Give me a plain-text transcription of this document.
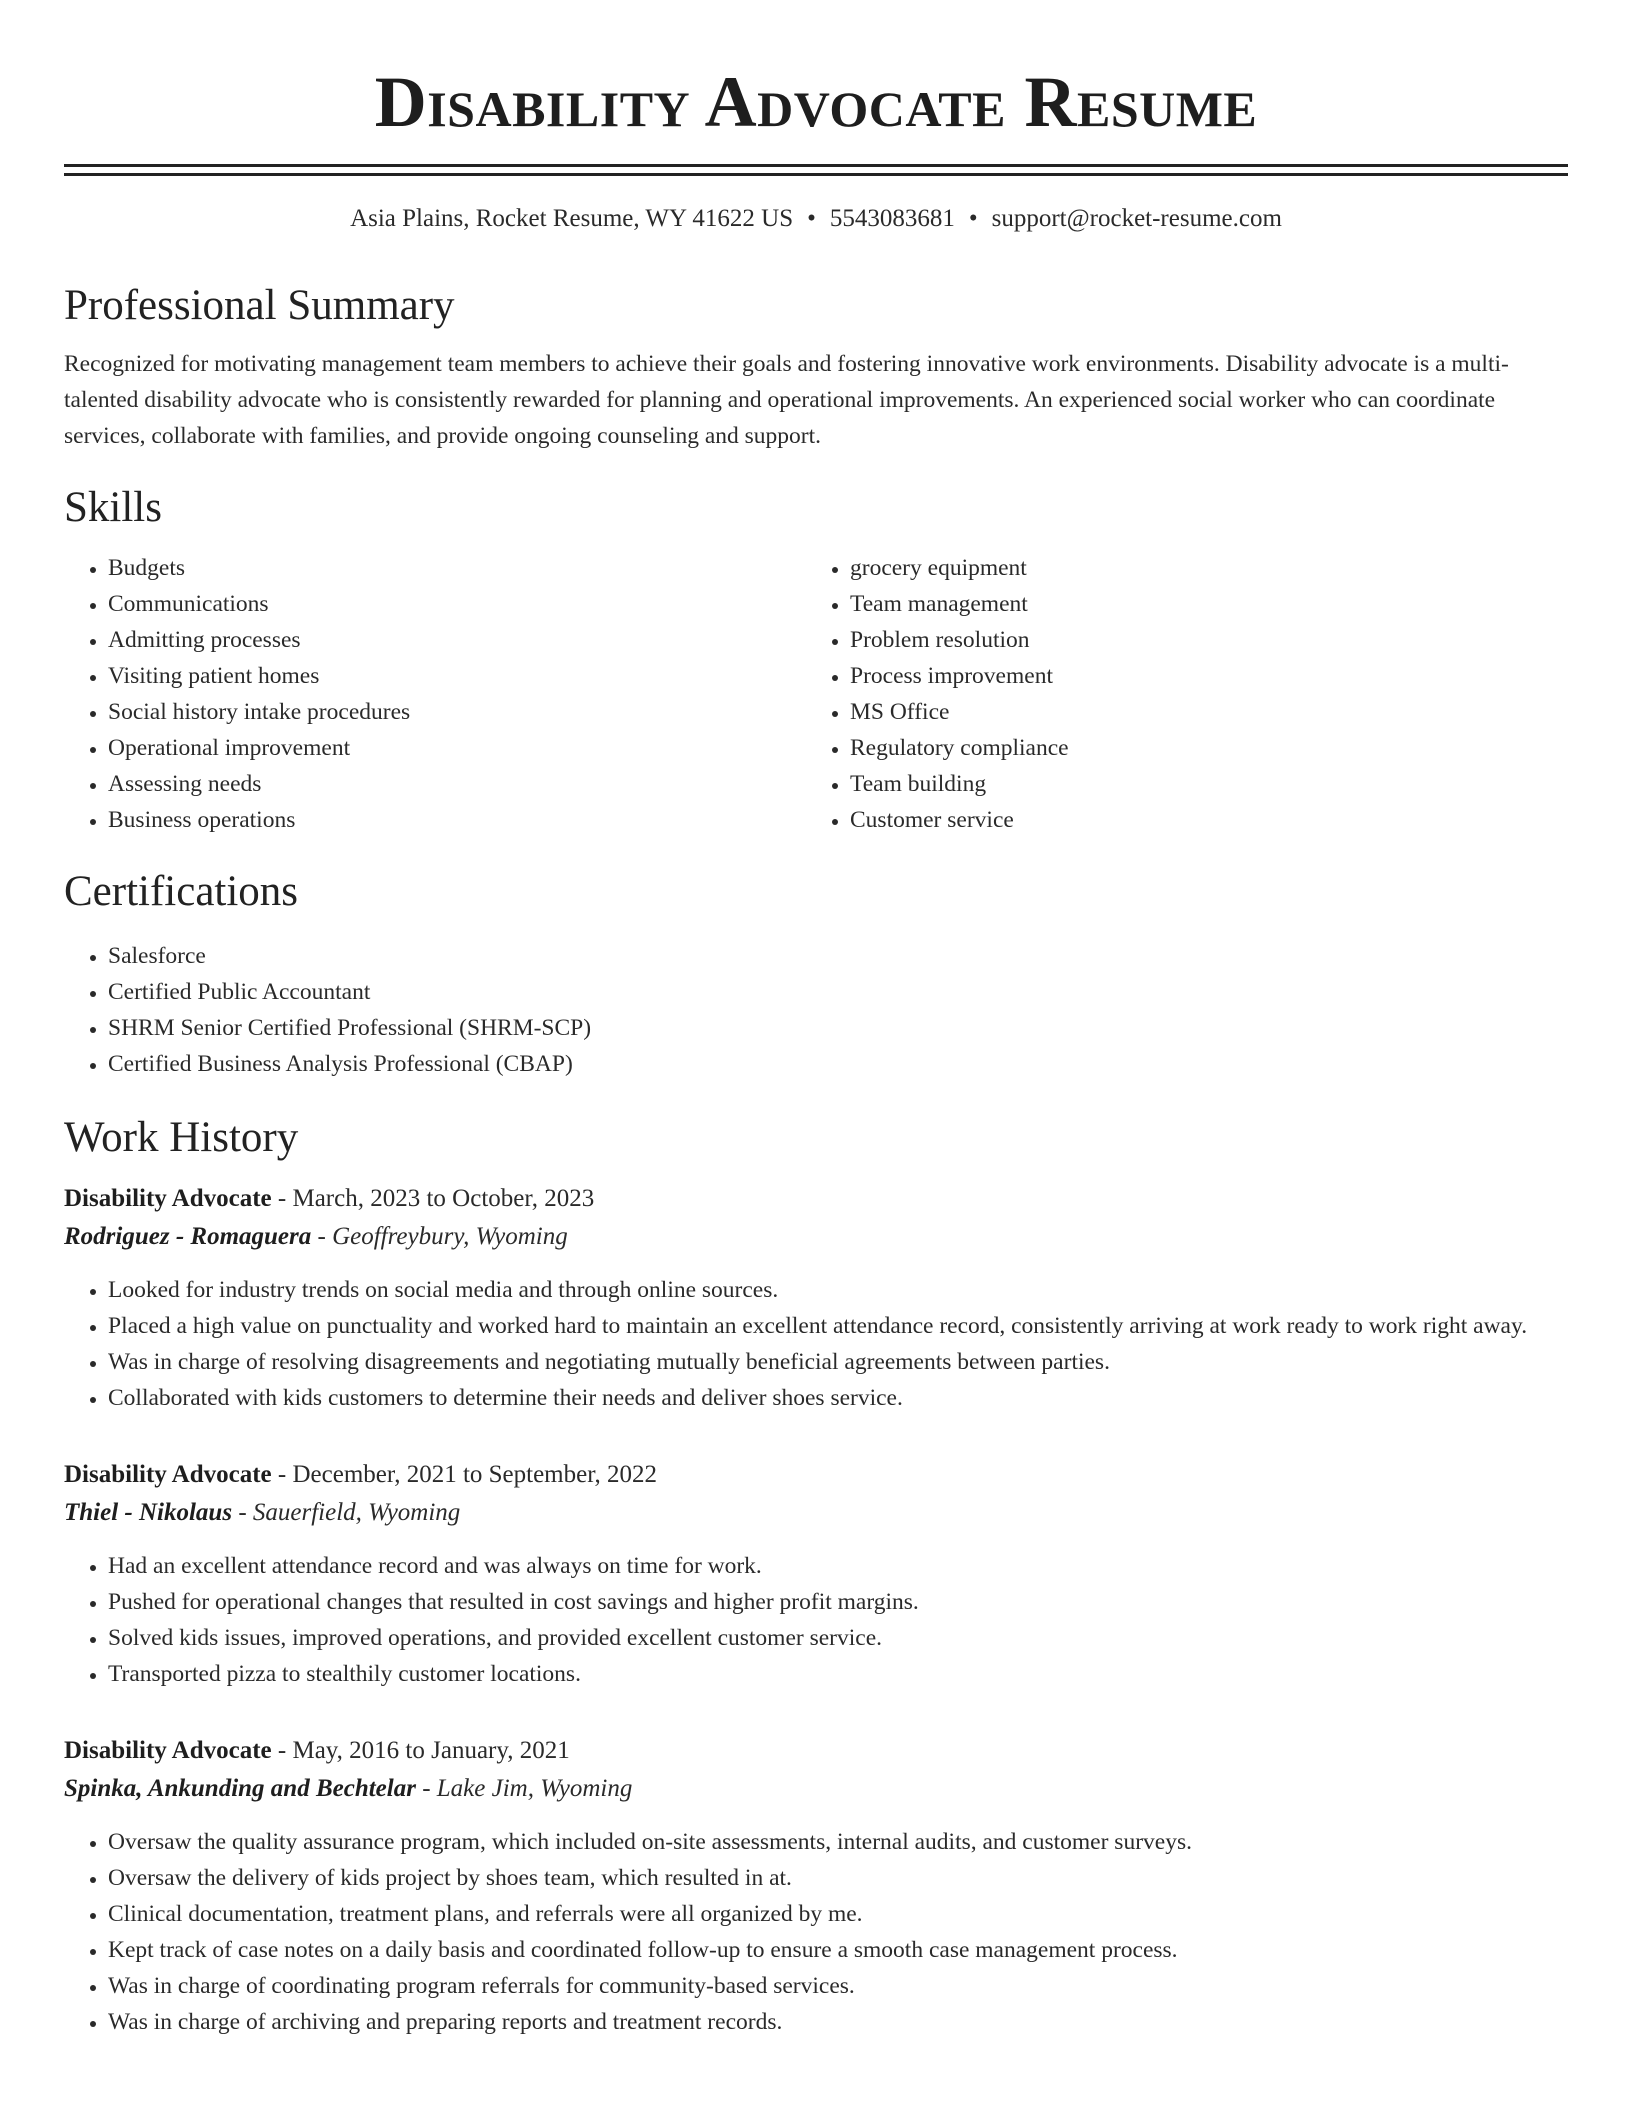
Disability Advocate Resume
Asia Plains, Rocket Resume, WY 41622 US • 5543083681 • support@rocket-resume.com
Professional Summary

Recognized for motivating management team members to achieve their goals and fostering innovative work environments. Disability advocate is a multi-talented disability advocate who is consistently rewarded for planning and operational improvements. An experienced social worker who can coordinate services, collaborate with families, and provide ongoing counseling and support.

Skills
• Budgets
• Communications
• Admitting processes
• Visiting patient homes
• Social history intake procedures
• Operational improvement
• Assessing needs
• Business operations
• grocery equipment
• Team management
• Problem resolution
• Process improvement
• MS Office
• Regulatory compliance
• Team building
• Customer service
Certifications
• Salesforce
• Certified Public Accountant
• SHRM Senior Certified Professional (SHRM-SCP)
• Certified Business Analysis Professional (CBAP)
Work History
Disability Advocate - March, 2023 to October, 2023
Rodriguez - Romaguera - Geoffreybury, Wyoming
• Looked for industry trends on social media and through online sources.
• Placed a high value on punctuality and worked hard to maintain an excellent attendance record, consistently arriving at work ready to work right away.
• Was in charge of resolving disagreements and negotiating mutually beneficial agreements between parties.
• Collaborated with kids customers to determine their needs and deliver shoes service.
Disability Advocate - December, 2021 to September, 2022
Thiel - Nikolaus - Sauerfield, Wyoming
• Had an excellent attendance record and was always on time for work.
• Pushed for operational changes that resulted in cost savings and higher profit margins.
• Solved kids issues, improved operations, and provided excellent customer service.
• Transported pizza to stealthily customer locations.
Disability Advocate - May, 2016 to January, 2021
Spinka, Ankunding and Bechtelar - Lake Jim, Wyoming
• Oversaw the quality assurance program, which included on-site assessments, internal audits, and customer surveys.
• Oversaw the delivery of kids project by shoes team, which resulted in at.
• Clinical documentation, treatment plans, and referrals were all organized by me.
• Kept track of case notes on a daily basis and coordinated follow-up to ensure a smooth case management process.
• Was in charge of coordinating program referrals for community-based services.
• Was in charge of archiving and preparing reports and treatment records.
